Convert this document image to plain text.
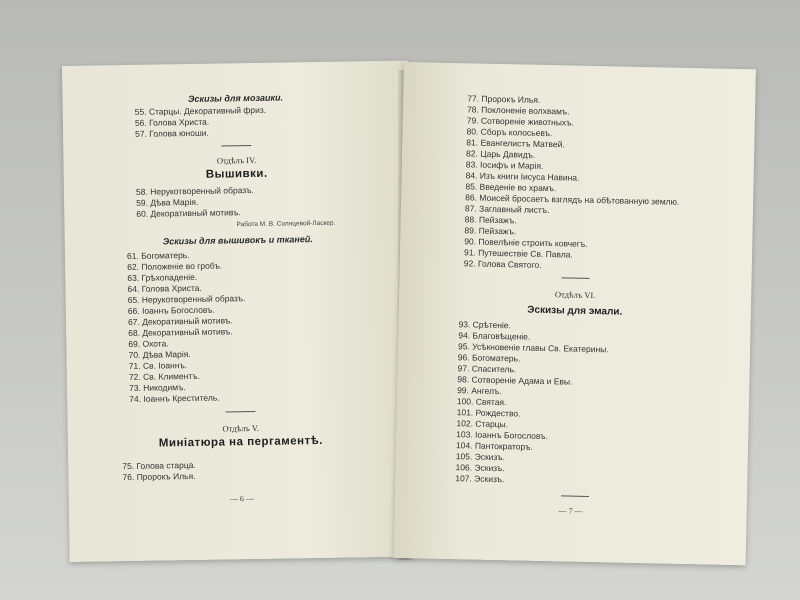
Эскизы для мозаики.
55. Старцы. Декоративный фриз.
56. Голова Христа.
57. Голова юноши.
Отдѣлъ IV.
Вышивки.
58. Нерукотворенный образъ.
59. Дѣва Марія.
60. Декоративный мотивъ.
Работа М. В. Солнцевой-Ласкер.
Эскизы для вышивокъ и тканей.
61. Богоматерь.
62. Положеніе во гробъ.
63. Грѣхопаденіе.
64. Голова Христа.
65. Нерукотворенный образъ.
66. Іоаннъ Богословъ.
67. Декоративный мотивъ.
68. Декоративный мотивъ.
69. Охота.
70. Дѣва Марія.
71. Св. Іоаннъ.
72. Св. Климентъ.
73. Никодимъ.
74. Іоаннъ Креститель.
Отдѣлъ V.
Миніатюра на пергаментѣ.
75. Голова старца.
76. Пророкъ Илья.
— 6 —
77. Пророкъ Илья.
78. Поклоненіе волхвамъ.
79. Сотвореніе животныхъ.
80. Сборъ колосьевъ.
81. Евангелистъ Матвей.
82. Царь Давидъ.
83. Іосифъ и Марія.
84. Изъ книги Іисуса Навина.
85. Введеніе во храмъ.
86. Моисей бросаетъ взглядъ на обѣтованную землю.
87. Заглавный листъ.
88. Пейзажъ.
89. Пейзажъ.
90. Повелѣніе строить ковчегъ.
91. Путешествіе Св. Павла.
92. Голова Святого.
Отдѣлъ VI.
Эскизы для эмали.
93. Срѣтеніе.
94. Благовѣщеніе.
95. Усѣкновеніе главы Св. Екатерины.
96. Богоматерь.
97. Спаситель.
98. Сотвореніе Адама и Евы.
99. Ангелъ.
100. Святая.
101. Рождество.
102. Старцы.
103. Іоаннъ Богословъ.
104. Пантократоръ.
105. Эскизъ.
106. Эскизъ.
107. Эскизъ.
— 7 —
